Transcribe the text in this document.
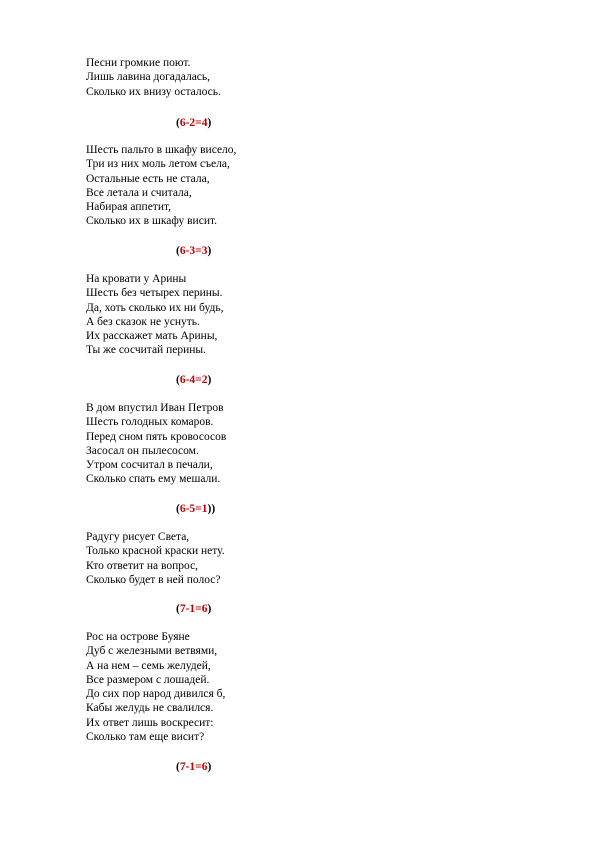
Песни громкие поют.
Лишь лавина догадалась,
Сколько их внизу осталось.
(6-2=4)
Шесть пальто в шкафу висело,
Три из них моль летом съела,
Остальные есть не стала,
Все летала и считала,
Набирая аппетит,
Сколько их в шкафу висит.
(6-3=3)
На кровати у Арины
Шесть без четырех перины.
Да, хоть сколько их ни будь,
А без сказок не уснуть.
Их расскажет мать Арины,
Ты же сосчитай перины.
(6-4=2)
В дом впустил Иван Петров
Шесть голодных комаров.
Перед сном пять кровососов
Засосал он пылесосом.
Утром сосчитал в печали,
Сколько спать ему мешали.
(6-5=1))
Радугу рисует Света,
Только красной краски нету.
Кто ответит на вопрос,
Сколько будет в ней полос?
(7-1=6)
Рос на острове Буяне
Дуб с железными ветвями,
А на нем – семь желудей,
Все размером с лошадей.
До сих пор народ дивился б,
Кабы желудь не свалился.
Их ответ лишь воскресит:
Сколько там еще висит?
(7-1=6)
